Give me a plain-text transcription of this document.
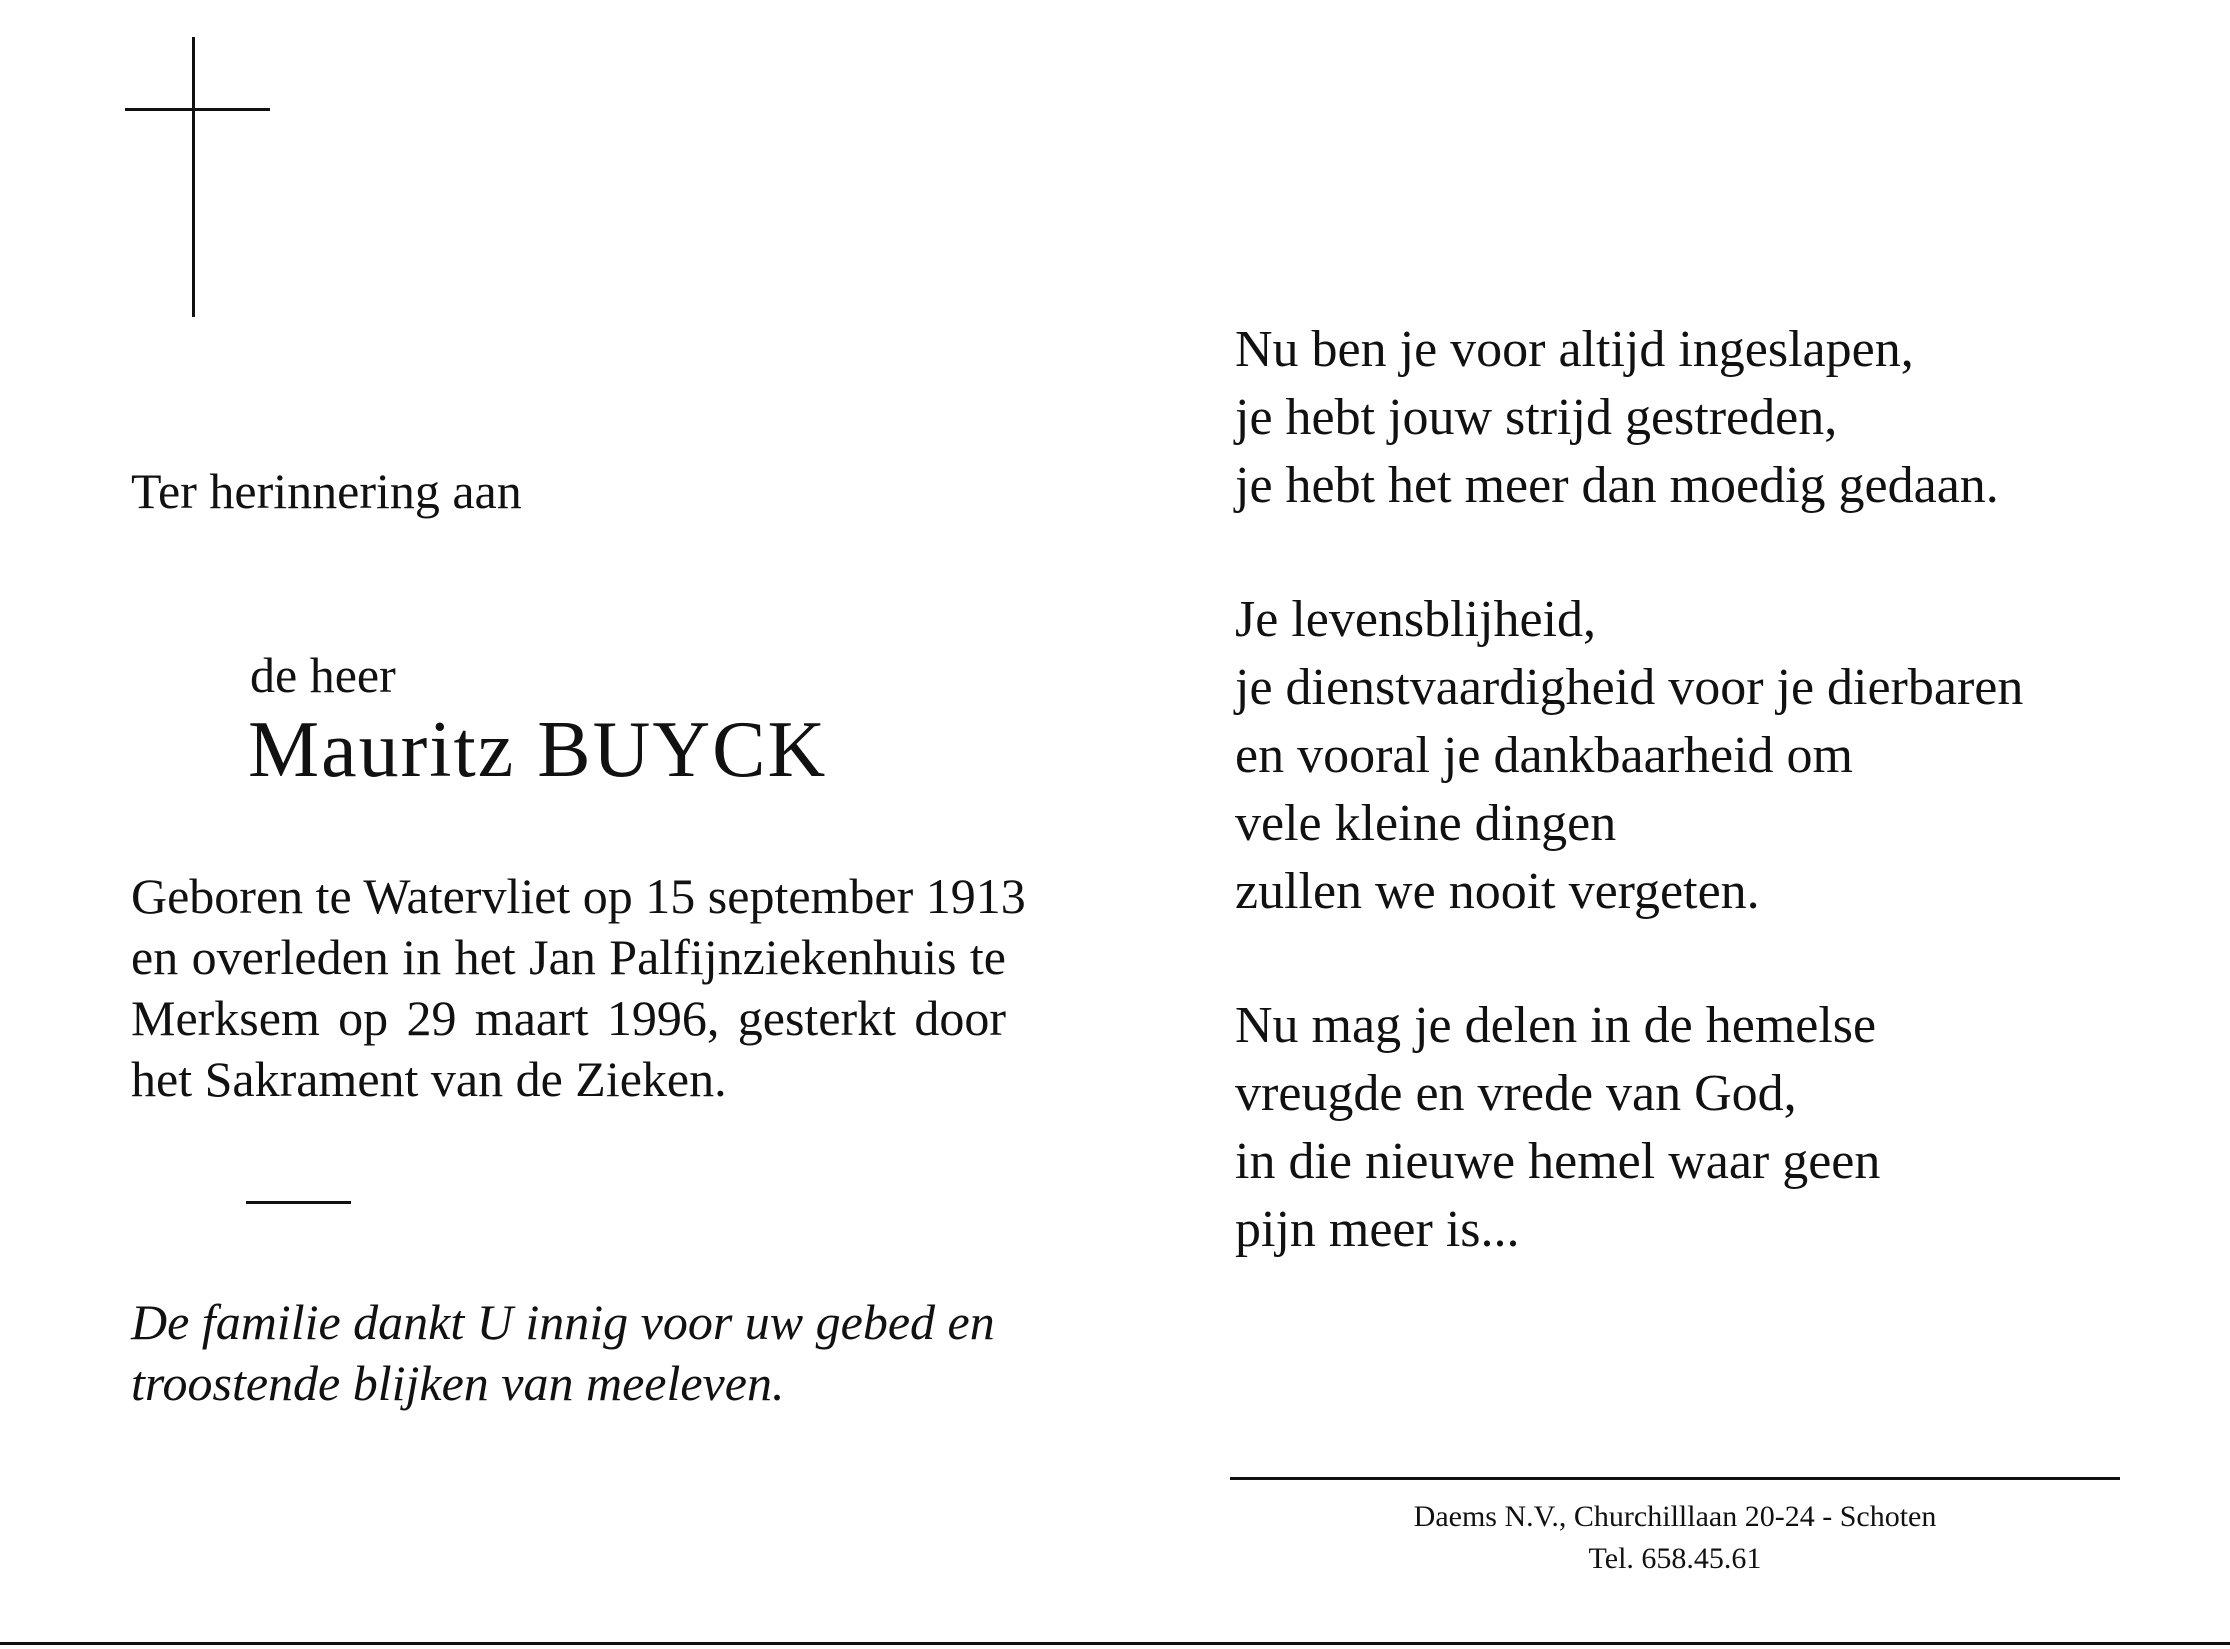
Ter herinnering aan
de heer
Mauritz BUYCK
Geboren te Watervliet op 15 september 1913
en overleden in het Jan Palfijnziekenhuis te
Merksem op 29 maart 1996, gesterkt door
het Sakrament van de Zieken.
De familie dankt U innig voor uw gebed en
troostende blijken van meeleven.
Nu ben je voor altijd ingeslapen,
je hebt jouw strijd gestreden,
je hebt het meer dan moedig gedaan.
Je levensblijheid,
je dienstvaardigheid voor je dierbaren
en vooral je dankbaarheid om
vele kleine dingen
zullen we nooit vergeten.
Nu mag je delen in de hemelse
vreugde en vrede van God,
in die nieuwe hemel waar geen
pijn meer is...
Daems N.V., Churchilllaan 20-24 - Schoten
Tel. 658.45.61
